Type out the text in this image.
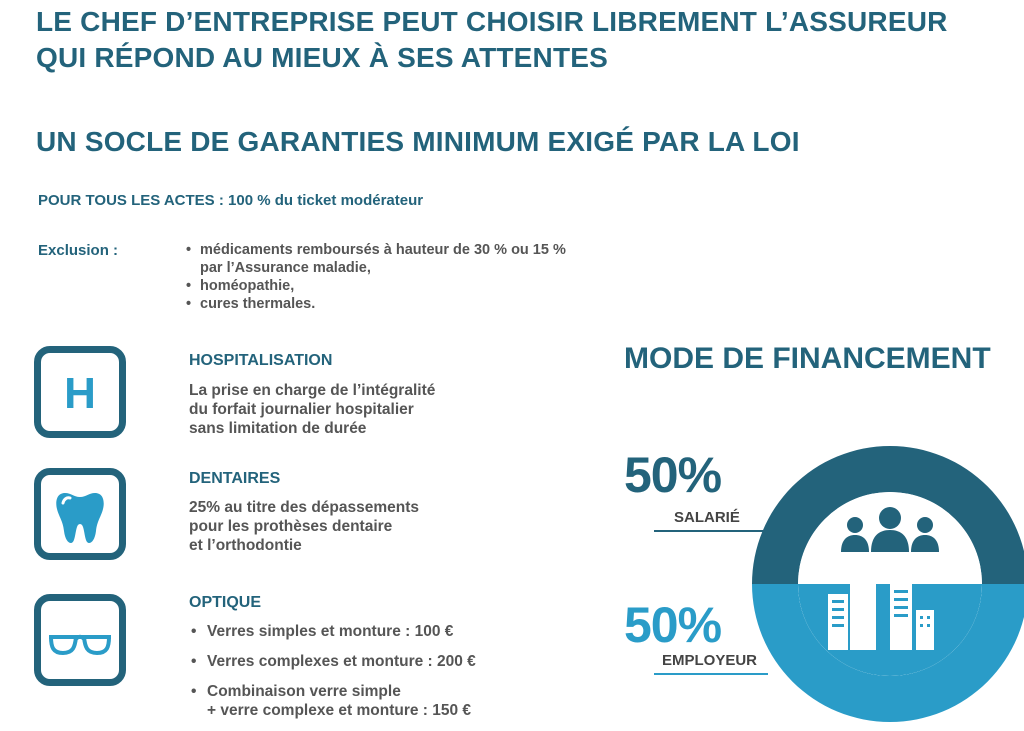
LE CHEF D’ENTREPRISE PEUT CHOISIR LIBREMENT L’ASSUREUR
QUI RÉPOND AU MIEUX À SES ATTENTES
UN SOCLE DE GARANTIES MINIMUM EXIGÉ PAR LA LOI
POUR TOUS LES ACTES : 100 % du ticket modérateur
Exclusion :
•	médicaments remboursés à hauteur de 30 % ou 15 %
par l’Assurance maladie,
• homéopathie,
• cures thermales.
H
HOSPITALISATION
La prise en charge de l’intégralité
du forfait journalier hospitalier
sans limitation de durée
DENTAIRES
25% au titre des dépassements
pour les prothèses dentaire
et l’orthodontie
OPTIQUE
• Verres simples et monture : 100 €
• Verres complexes et monture : 200 €
• Combinaison verre simple
+ verre complexe et monture : 150 €
MODE DE FINANCEMENT
50%
SALARIÉ
50%
EMPLOYEUR
